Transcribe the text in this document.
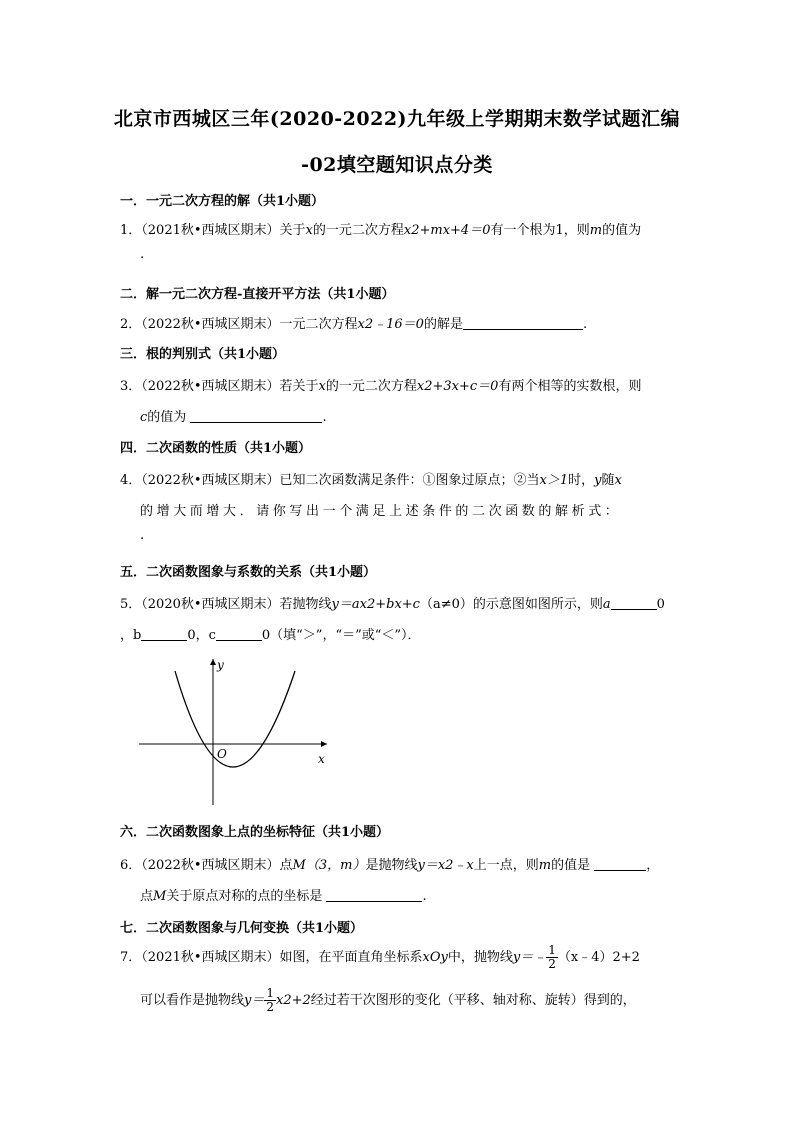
北京市西城区三年(2020-2022)九年级上学期期末数学试题汇编
-02填空题知识点分类
一．一元二次方程的解（共1小题）
1．（2021秋•西城区期末）关于x的一元二次方程x2+mx+4＝0有一个根为1，则m的值为
.
二．解一元二次方程-直接开平方法（共1小题）
2．（2022秋•西城区期末）一元二次方程x2﹣16＝0的解是	.
三．根的判别式（共1小题）
3．（2022秋•西城区期末）若关于x的一元二次方程x2+3x+c＝0有两个相等的实数根，则
c的值为	.
四．二次函数的性质（共1小题）
4．（2022秋•西城区期末）已知二次函数满足条件：①图象过原点；②当x＞1时，y随x
的增大而增大．请你写出一个满足上述条件的二次函数的解析式：
.
五．二次函数图象与系数的关系（共1小题）
5．（2020秋•西城区期末）若抛物线y＝ax2+bx+c（a≠0）的示意图如图所示，则a	0
，b	0，c	0（填“＞”，“＝”或“＜”）．
y
x
O
六．二次函数图象上点的坐标特征（共1小题）
6．（2022秋•西城区期末）点M（3，m）是抛物线y＝x2﹣x上一点，则m的值是	，
点M关于原点对称的点的坐标是	.
七．二次函数图象与几何变换（共1小题）
7．（2021秋•西城区期末）如图，在平面直角坐标系xOy中，抛物线y＝﹣ $\frac{1}{2}$ （x﹣4）2+2
可以看作是抛物线$y= \frac{1}{2} x2+2$经过若干次图形的变化（平移、轴对称、旋转）得到的，
